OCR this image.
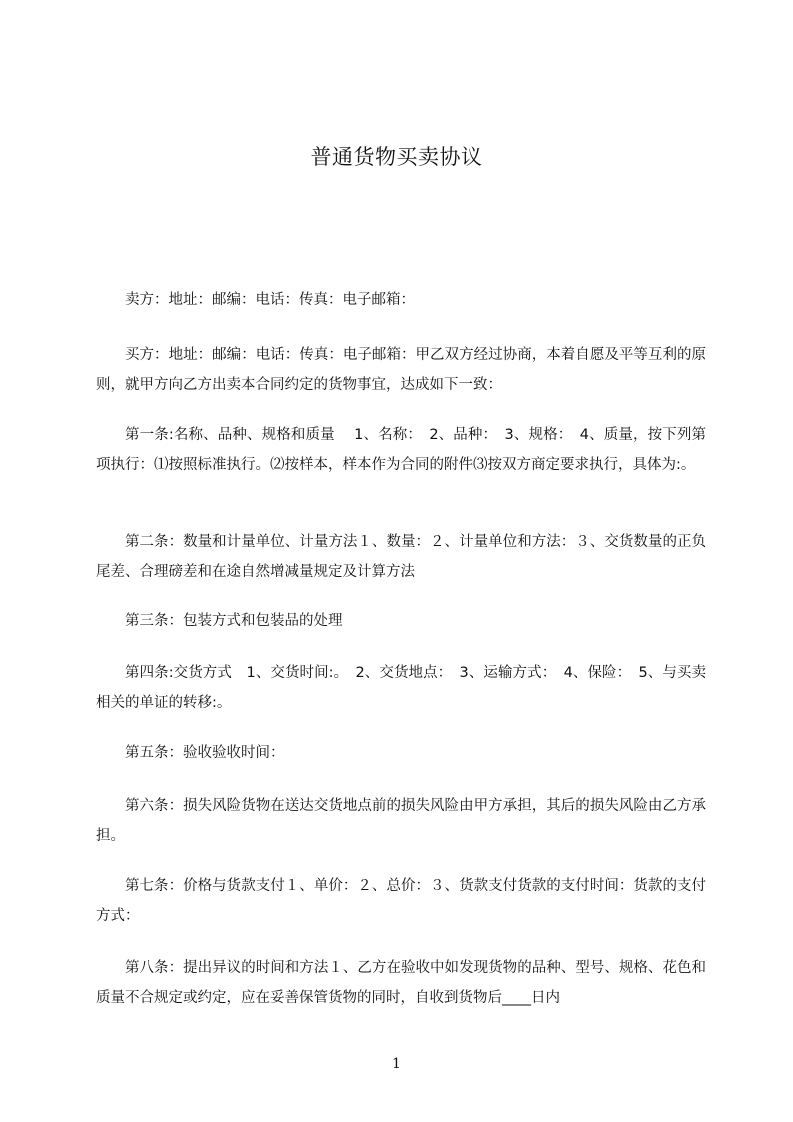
普通货物买卖协议

卖方：地址：邮编：电话：传真：电子邮箱：

买方：地址：邮编：电话：传真：电子邮箱：甲乙双方经过协商，本着自愿及平等互利的原则，就甲方向乙方出卖本合同约定的货物事宜，达成如下一致：

第一条:名称、品种、规格和质量　 1、名称：　2、品种：　3、规格：　4、质量，按下列第项执行：⑴按照标准执行。⑵按样本，样本作为合同的附件⑶按双方商定要求执行，具体为:。

第二条：数量和计量单位、计量方法１、数量：２、计量单位和方法：３、交货数量的正负尾差、合理磅差和在途自然增减量规定及计算方法

第三条：包装方式和包装品的处理

第四条:交货方式　1、交货时间:。　2、交货地点：　3、运输方式：　4、保险：　5、与买卖相关的单证的转移:。

第五条：验收验收时间：

第六条：损失风险货物在送达交货地点前的损失风险由甲方承担，其后的损失风险由乙方承担。

第七条：价格与货款支付１、单价：２、总价：３、货款支付货款的支付时间：货款的支付方式：

第八条：提出异议的时间和方法１、乙方在验收中如发现货物的品种、型号、规格、花色和质量不合规定或约定，应在妥善保管货物的同时，自收到货物后____日内

1
